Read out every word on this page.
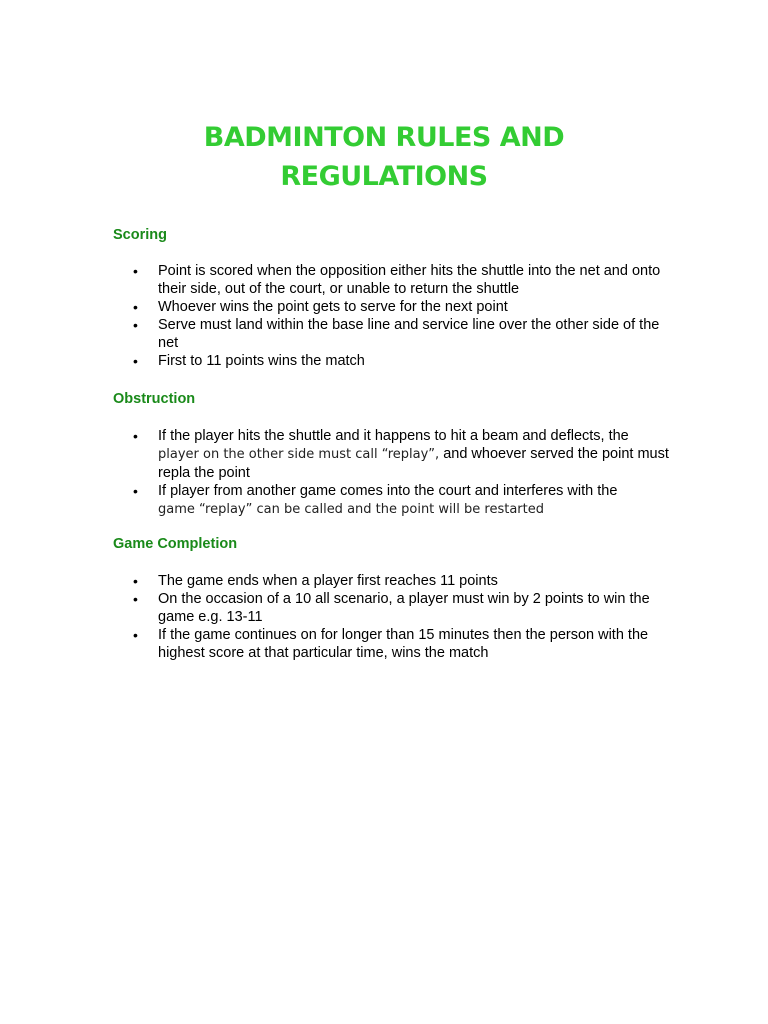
BADMINTON RULES AND
REGULATIONS
Scoring
• Point is scored when the opposition either hits the shuttle into the net and onto their side, out of the court, or unable to return the shuttle
• Whoever wins the point gets to serve for the next point
• Serve must land within the base line and service line over the other side of the net
• First to 11 points wins the match
Obstruction
• If the player hits the shuttle and it happens to hit a beam and deflects, the
player on the other side must call “replay”, and whoever served the point must repla the point
• If player from another game comes into the court and interferes with the
game “replay” can be called and the point will be restarted
Game Completion
• The game ends when a player first reaches 11 points
• On the occasion of a 10 all scenario, a player must win by 2 points to win the game e.g. 13-11
• If the game continues on for longer than 15 minutes then the person with the highest score at that particular time, wins the match
